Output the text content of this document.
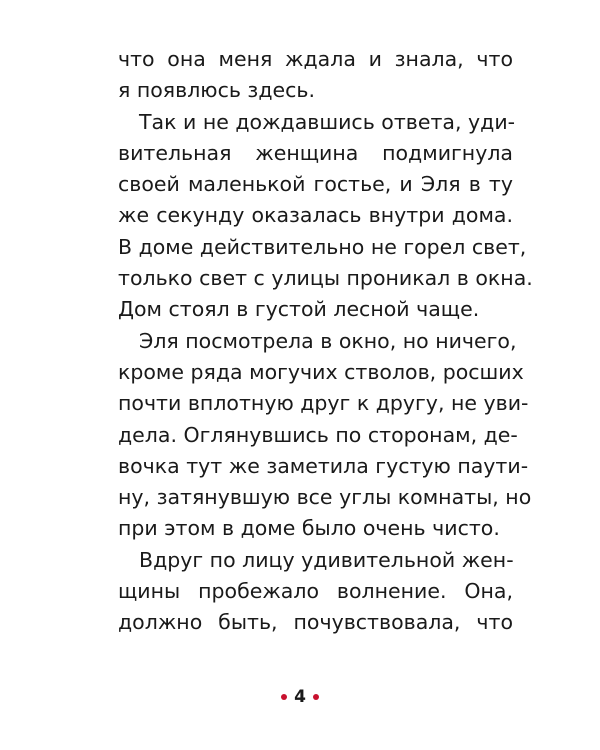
что она меня ждала и знала, что
я появлюсь здесь.
Так и не дождавшись ответа, уди-
вительная женщина подмигнула
своей маленькой гостье, и Эля в ту
же секунду оказалась внутри дома.
В доме действительно не горел свет,
только свет с улицы проникал в окна.
Дом стоял в густой лесной чаще.
Эля посмотрела в окно, но ничего,
кроме ряда могучих стволов, росших
почти вплотную друг к другу, не уви-
дела. Оглянувшись по сторонам, де-
вочка тут же заметила густую паути-
ну, затянувшую все углы комнаты, но
при этом в доме было очень чисто.
Вдруг по лицу удивительной жен-
щины пробежало волнение. Она,
должно быть, почувствовала, что
4
